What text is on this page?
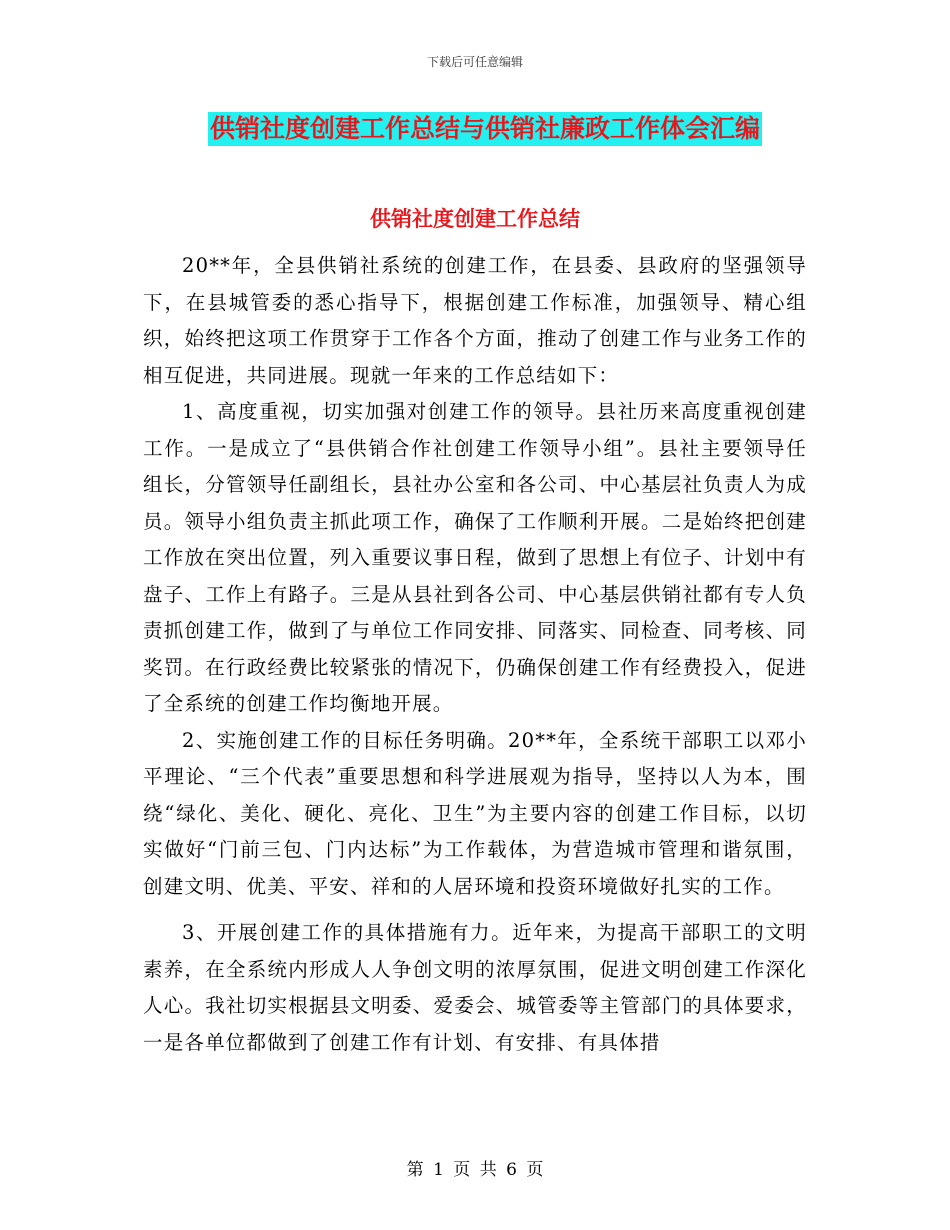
下载后可任意编辑
供销社度创建工作总结与供销社廉政工作体会汇编
供销社度创建工作总结

20**年，全县供销社系统的创建工作，在县委、县政府的坚强领导下，在县城管委的悉心指导下，根据创建工作标准，加强领导、精心组织，始终把这项工作贯穿于工作各个方面，推动了创建工作与业务工作的相互促进，共同进展。现就一年来的工作总结如下：

1、高度重视，切实加强对创建工作的领导。县社历来高度重视创建工作。一是成立了“县供销合作社创建工作领导小组”。县社主要领导任组长，分管领导任副组长，县社办公室和各公司、中心基层社负责人为成员。领导小组负责主抓此项工作，确保了工作顺利开展。二是始终把创建工作放在突出位置，列入重要议事日程，做到了思想上有位子、计划中有盘子、工作上有路子。三是从县社到各公司、中心基层供销社都有专人负责抓创建工作，做到了与单位工作同安排、同落实、同检查、同考核、同奖罚。在行政经费比较紧张的情况下，仍确保创建工作有经费投入，促进了全系统的创建工作均衡地开展。

2、实施创建工作的目标任务明确。20**年，全系统干部职工以邓小平理论、“三个代表”重要思想和科学进展观为指导，坚持以人为本，围绕“绿化、美化、硬化、亮化、卫生”为主要内容的创建工作目标，以切实做好“门前三包、门内达标”为工作载体，为营造城市管理和谐氛围，创建文明、优美、平安、祥和的人居环境和投资环境做好扎实的工作。

3、开展创建工作的具体措施有力。近年来，为提高干部职工的文明素养，在全系统内形成人人争创文明的浓厚氛围，促进文明创建工作深化人心。我社切实根据县文明委、爱委会、城管委等主管部门的具体要求，一是各单位都做到了创建工作有计划、有安排、有具体措

第 1 页 共 6 页
